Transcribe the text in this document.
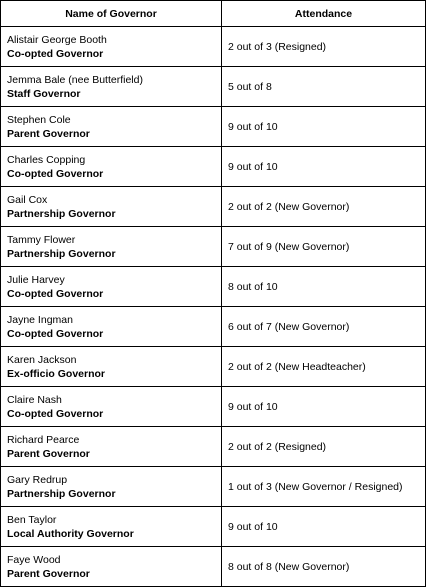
Name of Governor	Attendance

Alistair George Booth
Co-opted Governor	2 out of 3 (Resigned)

Jemma Bale (nee Butterfield)
Staff Governor	5 out of 8

Stephen Cole
Parent Governor	9 out of 10

Charles Copping
Co-opted Governor	9 out of 10

Gail Cox
Partnership Governor	2 out of 2 (New Governor)

Tammy Flower
Partnership Governor	7 out of 9 (New Governor)

Julie Harvey
Co-opted Governor	8 out of 10

Jayne Ingman
Co-opted Governor	6 out of 7 (New Governor)

Karen Jackson
Ex-officio Governor	2 out of 2 (New Headteacher)

Claire Nash
Co-opted Governor	9 out of 10

Richard Pearce
Parent Governor	2 out of 2 (Resigned)

Gary Redrup
Partnership Governor	1 out of 3 (New Governor / Resigned)

Ben Taylor
Local Authority Governor	9 out of 10

Faye Wood
Parent Governor	8 out of 8 (New Governor)
